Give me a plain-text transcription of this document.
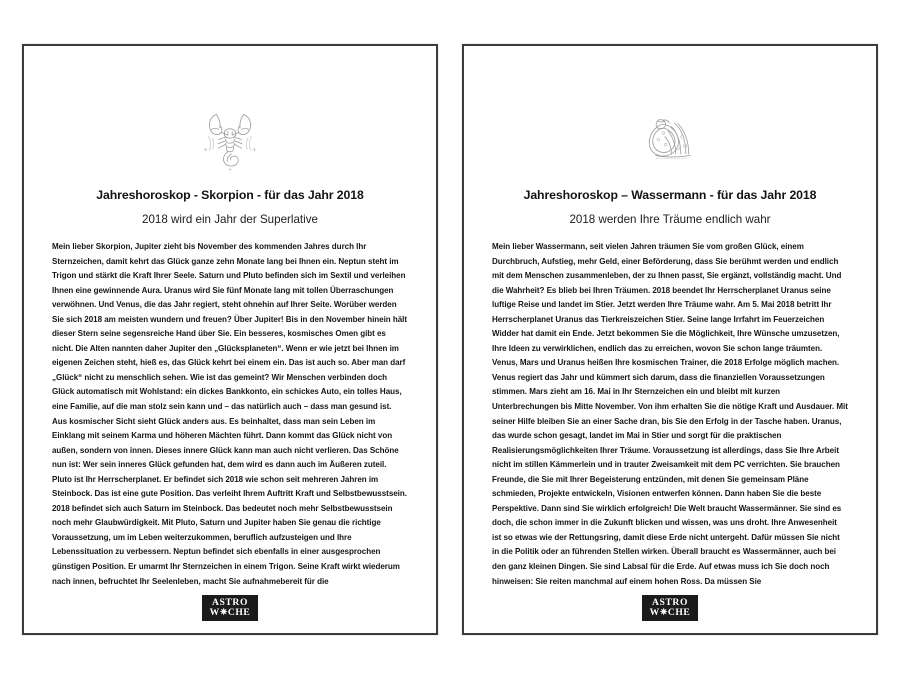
Jahreshoroskop - Skorpion - für das Jahr 2018
2018 wird ein Jahr der Superlative

Mein lieber Skorpion, Jupiter zieht bis November des kommenden Jahres durch Ihr Sternzeichen, damit kehrt das Glück ganze zehn Monate lang bei Ihnen ein. Neptun steht im Trigon und stärkt die Kraft Ihrer Seele. Saturn und Pluto befinden sich im Sextil und verleihen Ihnen eine gewinnende Aura. Uranus wird Sie fünf Monate lang mit tollen Überraschungen verwöhnen. Und Venus, die das Jahr regiert, steht ohnehin auf Ihrer Seite. Worüber werden Sie sich 2018 am meisten wundern und freuen? Über Jupiter! Bis in den November hinein hält dieser Stern seine segensreiche Hand über Sie. Ein besseres, kosmisches Omen gibt es nicht. Die Alten nannten daher Jupiter den „Glücksplaneten“. Wenn er wie jetzt bei Ihnen im eigenen Zeichen steht, hieß es, das Glück kehrt bei einem ein. Das ist auch so. Aber man darf „Glück“ nicht zu menschlich sehen. Wie ist das gemeint? Wir Menschen verbinden doch Glück automatisch mit Wohlstand: ein dickes Bankkonto, ein schickes Auto, ein tolles Haus, eine Familie, auf die man stolz sein kann und – das natürlich auch – dass man gesund ist. Aus kosmischer Sicht sieht Glück anders aus. Es beinhaltet, dass man sein Leben im Einklang mit seinem Karma und höheren Mächten führt. Dann kommt das Glück nicht von außen, sondern von innen. Dieses innere Glück kann man auch nicht verlieren. Das Schöne nun ist: Wer sein inneres Glück gefunden hat, dem wird es dann auch im Äußeren zuteil. Pluto ist Ihr Herrscherplanet. Er befindet sich 2018 wie schon seit mehreren Jahren im Steinbock. Das ist eine gute Position. Das verleiht Ihrem Auftritt Kraft und Selbstbewusstsein. 2018 befindet sich auch Saturn im Steinbock. Das bedeutet noch mehr Selbstbewusstsein noch mehr Glaubwürdigkeit. Mit Pluto, Saturn und Jupiter haben Sie genau die richtige Voraussetzung, um im Leben weiterzukommen, beruflich aufzusteigen und Ihre Lebenssituation zu verbessern. Neptun befindet sich ebenfalls in einer ausgesprochen günstigen Position. Er umarmt Ihr Sternzeichen in einem Trigon. Seine Kraft wirkt wiederum nach innen, befruchtet Ihr Seelenleben, macht Sie aufnahmebereit für die

ASTRO
W✷CHE
Jahreshoroskop – Wassermann - für das Jahr 2018
2018 werden Ihre Träume endlich wahr

Mein lieber Wassermann, seit vielen Jahren träumen Sie vom großen Glück, einem Durchbruch, Aufstieg, mehr Geld, einer Beförderung, dass Sie berühmt werden und endlich mit dem Menschen zusammenleben, der zu Ihnen passt, Sie ergänzt, vollständig macht. Und die Wahrheit? Es blieb bei Ihren Träumen. 2018 beendet Ihr Herrscherplanet Uranus seine luftige Reise und landet im Stier. Jetzt werden Ihre Träume wahr. Am 5. Mai 2018 betritt Ihr Herrscherplanet Uranus das Tierkreiszeichen Stier. Seine lange Irrfahrt im Feuerzeichen Widder hat damit ein Ende. Jetzt bekommen Sie die Möglichkeit, Ihre Wünsche umzusetzen, Ihre Ideen zu verwirklichen, endlich das zu erreichen, wovon Sie schon lange träumten. Venus, Mars und Uranus heißen Ihre kosmischen Trainer, die 2018 Erfolge möglich machen. Venus regiert das Jahr und kümmert sich darum, dass die finanziellen Voraussetzungen stimmen. Mars zieht am 16. Mai in Ihr Sternzeichen ein und bleibt mit kurzen Unterbrechungen bis Mitte November. Von ihm erhalten Sie die nötige Kraft und Ausdauer. Mit seiner Hilfe bleiben Sie an einer Sache dran, bis Sie den Erfolg in der Tasche haben. Uranus, das wurde schon gesagt, landet im Mai in Stier und sorgt für die praktischen Realisierungsmöglichkeiten Ihrer Träume. Voraussetzung ist allerdings, dass Sie Ihre Arbeit nicht im stillen Kämmerlein und in trauter Zweisamkeit mit dem PC verrichten. Sie brauchen Freunde, die Sie mit Ihrer Begeisterung entzünden, mit denen Sie gemeinsam Pläne schmieden, Projekte entwickeln, Visionen entwerfen können. Dann haben Sie die beste Perspektive. Dann sind Sie wirklich erfolgreich! Die Welt braucht Wassermänner. Sie sind es doch, die schon immer in die Zukunft blicken und wissen, was uns droht. Ihre Anwesenheit ist so etwas wie der Rettungsring, damit diese Erde nicht untergeht. Dafür müssen Sie nicht in die Politik oder an führenden Stellen wirken. Überall braucht es Wassermänner, auch bei den ganz kleinen Dingen. Sie sind Labsal für die Erde. Auf etwas muss ich Sie doch noch hinweisen: Sie reiten manchmal auf einem hohen Ross. Da müssen Sie

ASTRO
W✷CHE
